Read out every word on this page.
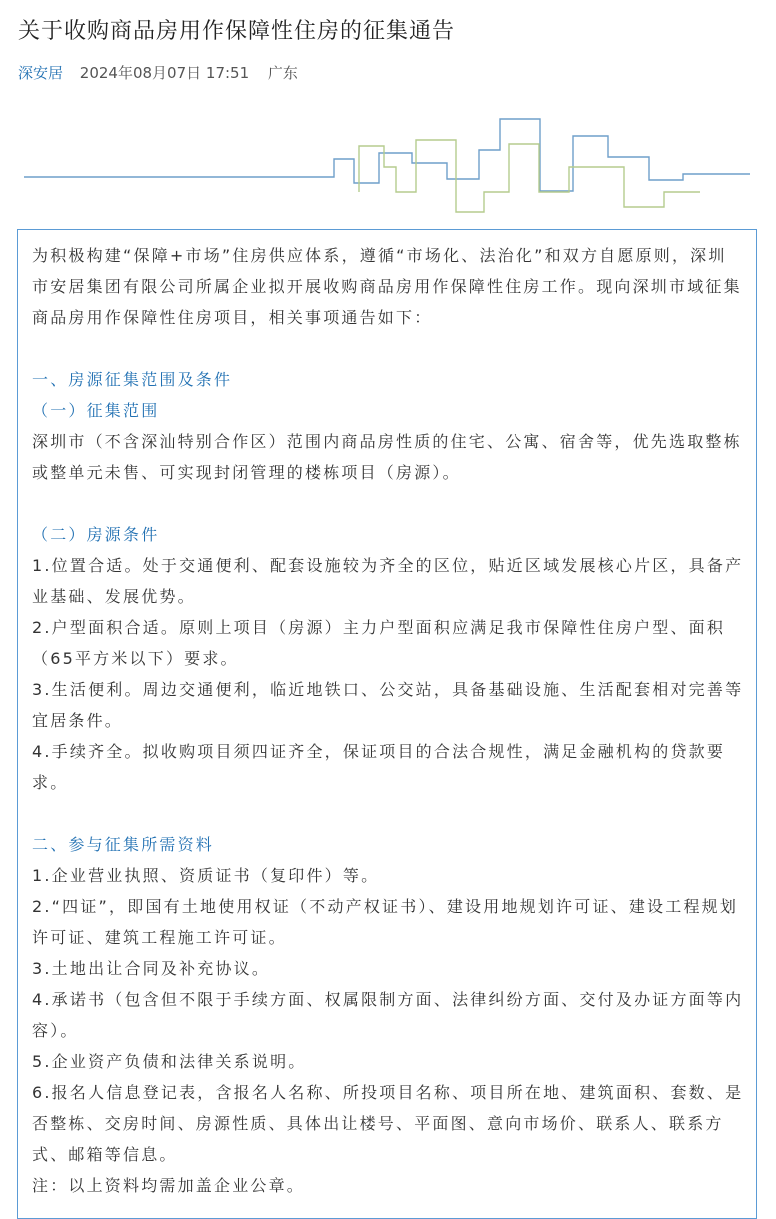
关于收购商品房用作保障性住房的征集通告
深安居 2024年08月07日 17:51 广东

为积极构建“保障+市场”住房供应体系，遵循“市场化、法治化”和双方自愿原则，深圳市安居集团有限公司所属企业拟开展收购商品房用作保障性住房工作。现向深圳市域征集商品房用作保障性住房项目，相关事项通告如下：

一、房源征集范围及条件

（一）征集范围

深圳市（不含深汕特别合作区）范围内商品房性质的住宅、公寓、宿舍等，优先选取整栋或整单元未售、可实现封闭管理的楼栋项目（房源）。

（二）房源条件

1.位置合适。处于交通便利、配套设施较为齐全的区位，贴近区域发展核心片区，具备产业基础、发展优势。

2.户型面积合适。原则上项目（房源）主力户型面积应满足我市保障性住房户型、面积（65平方米以下）要求。

3.生活便利。周边交通便利，临近地铁口、公交站，具备基础设施、生活配套相对完善等宜居条件。

4.手续齐全。拟收购项目须四证齐全，保证项目的合法合规性，满足金融机构的贷款要求。

二、参与征集所需资料

1.企业营业执照、资质证书（复印件）等。

2.“四证”，即国有土地使用权证（不动产权证书）、建设用地规划许可证、建设工程规划许可证、建筑工程施工许可证。

3.土地出让合同及补充协议。

4.承诺书（包含但不限于手续方面、权属限制方面、法律纠纷方面、交付及办证方面等内容）。

5.企业资产负债和法律关系说明。

6.报名人信息登记表，含报名人名称、所投项目名称、项目所在地、建筑面积、套数、是否整栋、交房时间、房源性质、具体出让楼号、平面图、意向市场价、联系人、联系方式、邮箱等信息。

注：以上资料均需加盖企业公章。
